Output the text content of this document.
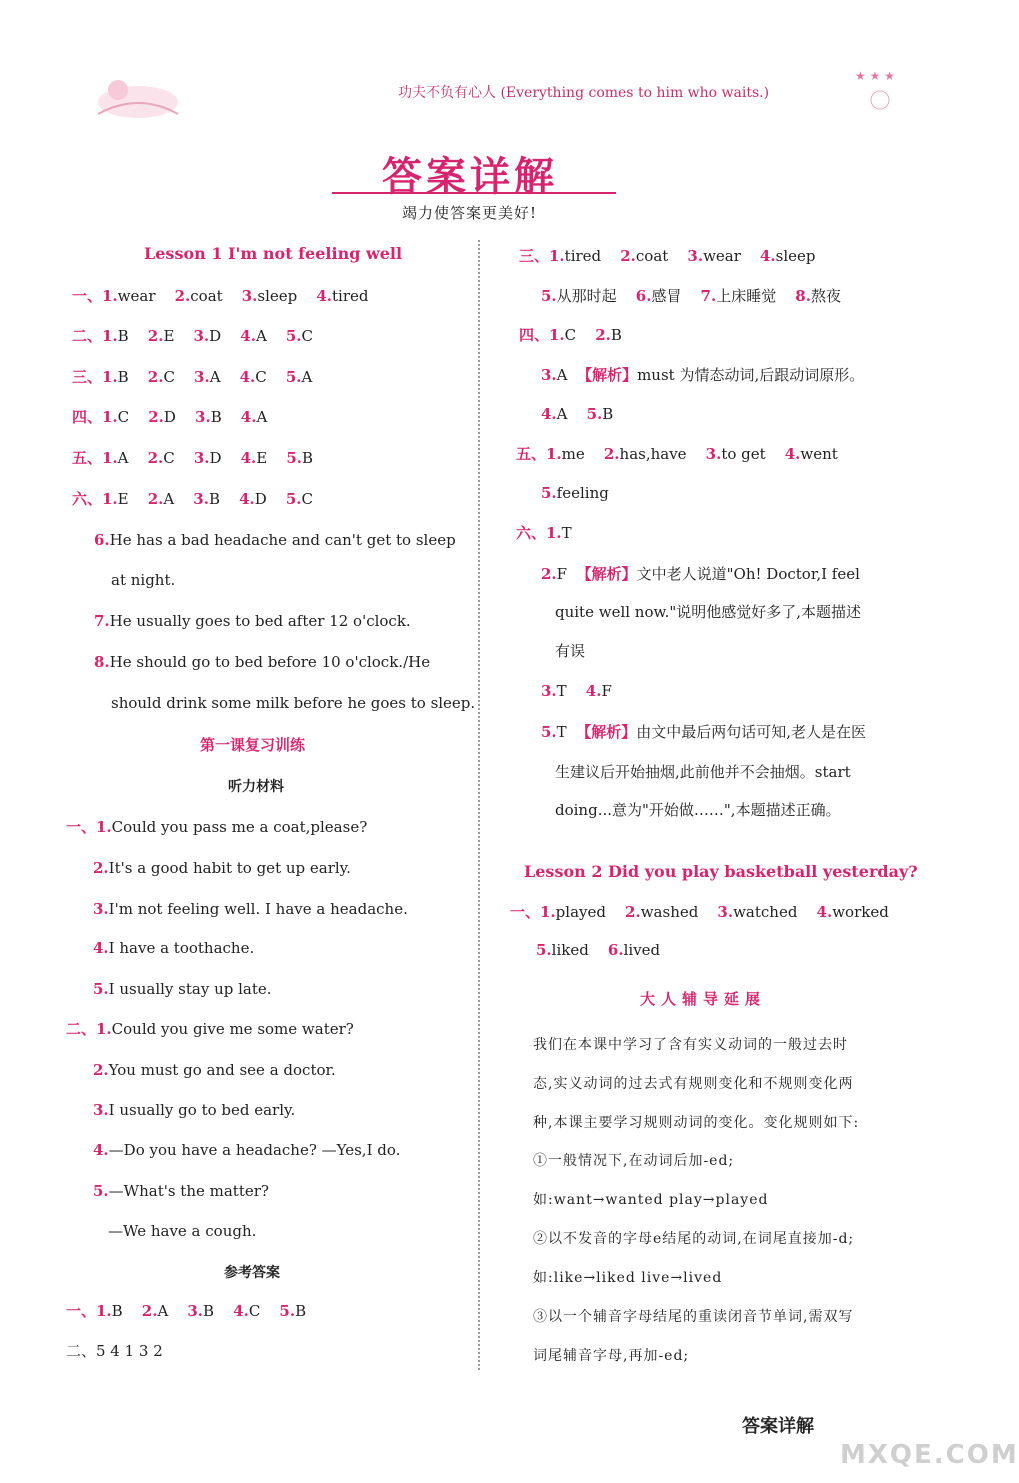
功夫不负有心人 (Everything comes to him who waits.)
★ ★ ★
答案详解
竭力使答案更美好!
Lesson 1 I'm not feeling well
一、1.wear 2.coat 3.sleep 4.tired
二、1.B 2.E 3.D 4.A 5.C
三、1.B 2.C 3.A 4.C 5.A
四、1.C 2.D 3.B 4.A
五、1.A 2.C 3.D 4.E 5.B
六、1.E 2.A 3.B 4.D 5.C
6.He has a bad headache and can't get to sleep
at night.
7.He usually goes to bed after 12 o'clock.
8.He should go to bed before 10 o'clock./He
should drink some milk before he goes to sleep.
第一课复习训练
听力材料
一、1.Could you pass me a coat,please?
2.It's a good habit to get up early.
3.I'm not feeling well. I have a headache.
4.I have a toothache.
5.I usually stay up late.
二、1.Could you give me some water?
2.You must go and see a doctor.
3.I usually go to bed early.
4.—Do you have a headache? —Yes,I do.
5.—What's the matter?
—We have a cough.
参考答案
一、1.B 2.A 3.B 4.C 5.B
二、5 4 1 3 2
三、1.tired 2.coat 3.wear 4.sleep
5.从那时起 6.感冒 7.上床睡觉 8.熬夜
四、1.C 2.B
3.A 【解析】must 为情态动词,后跟动词原形。
4.A 5.B
五、1.me 2.has,have 3.to get 4.went
5.feeling
六、1.T
2.F 【解析】文中老人说道"Oh! Doctor,I feel
quite well now."说明他感觉好多了,本题描述
有误
3.T 4.F
5.T 【解析】由文中最后两句话可知,老人是在医
生建议后开始抽烟,此前他并不会抽烟。start
doing...意为"开始做……",本题描述正确。
Lesson 2 Did you play basketball yesterday?
一、1.played 2.washed 3.watched 4.worked
5.liked 6.lived
大人辅导延展
我们在本课中学习了含有实义动词的一般过去时
态,实义动词的过去式有规则变化和不规则变化两
种,本课主要学习规则动词的变化。变化规则如下:
①一般情况下,在动词后加-ed;
如:want→wanted play→played
②以不发音的字母e结尾的动词,在词尾直接加-d;
如:like→liked live→lived
③以一个辅音字母结尾的重读闭音节单词,需双写
词尾辅音字母,再加-ed;
答案详解
MXQE.COM
